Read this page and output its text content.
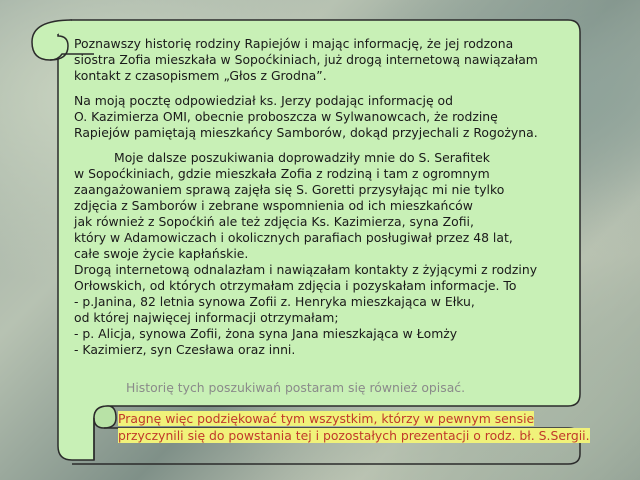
Poznawszy historię rodziny Rapiejów i mając informację, że jej rodzona
siostra Zofia mieszkała w Sopoćkiniach, już drogą internetową nawiązałam
kontakt z czasopismem „Głos z Grodna”.

Na moją pocztę odpowiedział ks. Jerzy podając informację od
O. Kazimierza OMI, obecnie proboszcza w Sylwanowcach, że rodzinę
Rapiejów pamiętają mieszkańcy Samborów, dokąd przyjechali z Rogożyna.

Moje dalsze poszukiwania doprowadziły mnie do S. Serafitek
w Sopoćkiniach, gdzie mieszkała Zofia z rodziną i tam z ogromnym
zaangażowaniem sprawą zajęła się S. Goretti przysyłając mi nie tylko
zdjęcia z Samborów i zebrane wspomnienia od ich mieszkańców
jak również z Sopoćkiń ale też zdjęcia Ks. Kazimierza, syna Zofii,
który w Adamowiczach i okolicznych parafiach posługiwał przez 48 lat,
całe swoje życie kapłańskie.
Drogą internetową odnalazłam i nawiązałam kontakty z żyjącymi z rodziny
Orłowskich, od których otrzymałam zdjęcia i pozyskałam informacje. To
- p.Janina, 82 letnia synowa Zofii z. Henryka mieszkająca w Ełku,
od której najwięcej informacji otrzymałam;
- p. Alicja, synowa Zofii, żona syna Jana mieszkająca w Łomży
- Kazimierz, syn Czesława oraz inni.

Historię tych poszukiwań postaram się również opisać.
Pragnę więc podziękować tym wszystkim, którzy w pewnym sensie
przyczynili się do powstania tej i pozostałych prezentacji o rodz. bł. S.Sergii.
